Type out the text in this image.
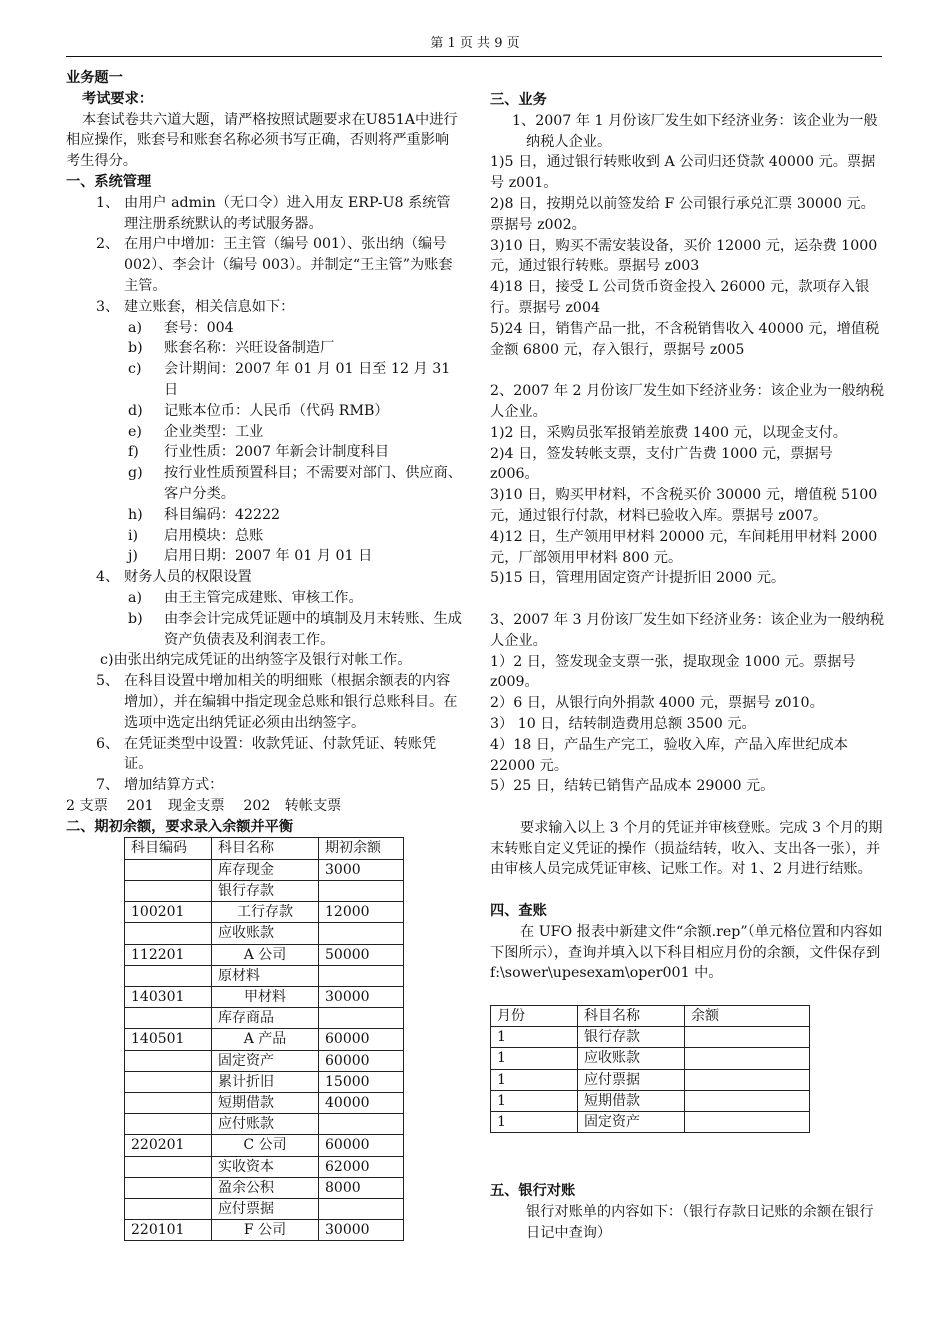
第 1 页 共 9 页

业务题一

考试要求：

本套试卷共六道大题，请严格按照试题要求在U851A中进行相应操作，账套号和账套名称必须书写正确，否则将严重影响考生得分。

一、系统管理

1、 由用户 admin（无口令）进入用友 ERP-U8 系统管理注册系统默认的考试服务器。
2、 在用户中增加：王主管（编号 001）、张出纳（编号 002）、李会计（编号 003）。并制定“王主管”为账套主管。
3、 建立账套，相关信息如下：
a)	套号：004
b)	账套名称：兴旺设备制造厂
c)	会计期间：2007 年 01 月 01 日至 12 月 31 日
d)	记账本位币：人民币（代码 RMB）
e)	企业类型：工业
f)	行业性质：2007 年新会计制度科目
g)	按行业性质预置科目；不需要对部门、供应商、客户分类。
h)	科目编码：42222
i)	启用模块：总账
j)	启用日期：2007 年 01 月 01 日
4、 财务人员的权限设置
a)	由王主管完成建账、审核工作。
b)	由李会计完成凭证题中的填制及月末转账、生成资产负债表及利润表工作。

c)由张出纳完成凭证的出纳签字及银行对帐工作。

5、 在科目设置中增加相关的明细账（根据余额表的内容增加），并在编辑中指定现金总账和银行总账科目。在选项中选定出纳凭证必须由出纳签字。
6、 在凭证类型中设置：收款凭证、付款凭证、转账凭证。
7、 增加结算方式：

2 支票　 201　现金支票　 202　转帐支票

二、期初余额，要求录入余额并平衡

科目编码	科目名称	期初余额
	库存现金	3000
	银行存款	
100201	工行存款	12000
	应收账款	
112201	A 公司	50000
	原材料	
140301	甲材料	30000
	库存商品	
140501	A 产品	60000
	固定资产	60000
	累计折旧	15000
	短期借款	40000
	应付账款	
220201	C 公司	60000
	实收资本	62000
	盈余公积	8000
	应付票据	
220101	F 公司	30000

三、业务

1、2007 年 1 月份该厂发生如下经济业务：该企业为一般纳税人企业。

1)5 日，通过银行转账收到 A 公司归还贷款 40000 元。票据号 z001。

2)8 日，按期兑以前签发给 F 公司银行承兑汇票 30000 元。票据号 z002。

3)10 日，购买不需安装设备，买价 12000 元，运杂费 1000 元，通过银行转账。票据号 z003

4)18 日，接受 L 公司货币资金投入 26000 元，款项存入银行。票据号 z004

5)24 日，销售产品一批，不含税销售收入 40000 元，增值税金额 6800 元，存入银行，票据号 z005

2、2007 年 2 月份该厂发生如下经济业务：该企业为一般纳税人企业。

1)2 日，采购员张军报销差旅费 1400 元，以现金支付。

2)4 日，签发转帐支票，支付广告费 1000 元，票据号 z006。

3)10 日，购买甲材料，不含税买价 30000 元，增值税 5100 元，通过银行付款，材料已验收入库。票据号 z007。

4)12 日，生产领用甲材料 20000 元，车间耗用甲材料 2000 元，厂部领用甲材料 800 元。

5)15 日，管理用固定资产计提折旧 2000 元。

3、2007 年 3 月份该厂发生如下经济业务：该企业为一般纳税人企业。

1）2 日，签发现金支票一张，提取现金 1000 元。票据号 z009。

2）6 日，从银行向外捐款 4000 元，票据号 z010。

3） 10 日，结转制造费用总额 3500 元。

4）18 日，产品生产完工，验收入库，产品入库世纪成本 22000 元。

5）25 日，结转已销售产品成本 29000 元。

要求输入以上 3 个月的凭证并审核登账。完成 3 个月的期末转账自定义凭证的操作（损益结转，收入、支出各一张），并由审核人员完成凭证审核、记账工作。对 1、2 月进行结账。

四、查账

在 UFO 报表中新建文件“余额.rep”（单元格位置和内容如下图所示），查询并填入以下科目相应月份的余额，文件保存到 f:\sower\upesexam\oper001 中。

月份	科目名称	余额
1	银行存款	
1	应收账款	
1	应付票据	
1	短期借款	
1	固定资产	

五、银行对账

银行对账单的内容如下：（银行存款日记账的余额在银行日记中查询）
